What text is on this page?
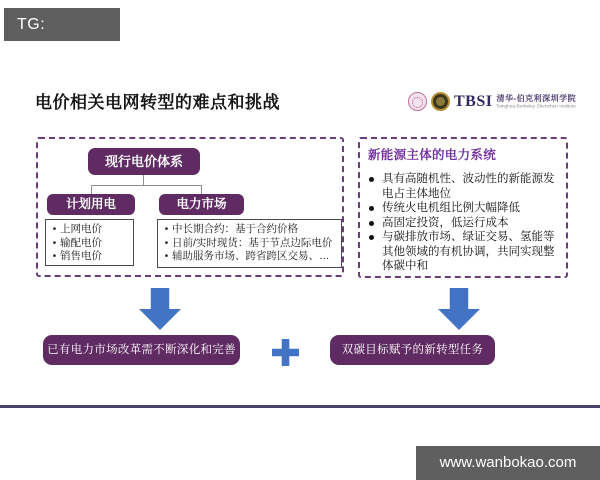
TG: MYYJJPP
电价相关电网转型的难点和挑战	TBSI 清华-伯克利深圳学院
Tsinghua-Berkeley Shenzhen Institute
现行电价体系
计划用电	电力市场
• 上网电价
• 输配电价
• 销售电价
• 中长期合约：基于合约价格
• 日前/实时现货：基于节点边际电价
• 辅助服务市场、跨省跨区交易、…
新能源主体的电力系统
具有高随机性、波动性的新能源发电占主体地位
传统火电机组比例大幅降低
高固定投资，低运行成本
与碳排放市场、绿证交易、氢能等其他领域的有机协调，共同实现整体碳中和
已有电力市场改革需不断深化和完善	双碳目标赋予的新转型任务
www.wanbokao.com
